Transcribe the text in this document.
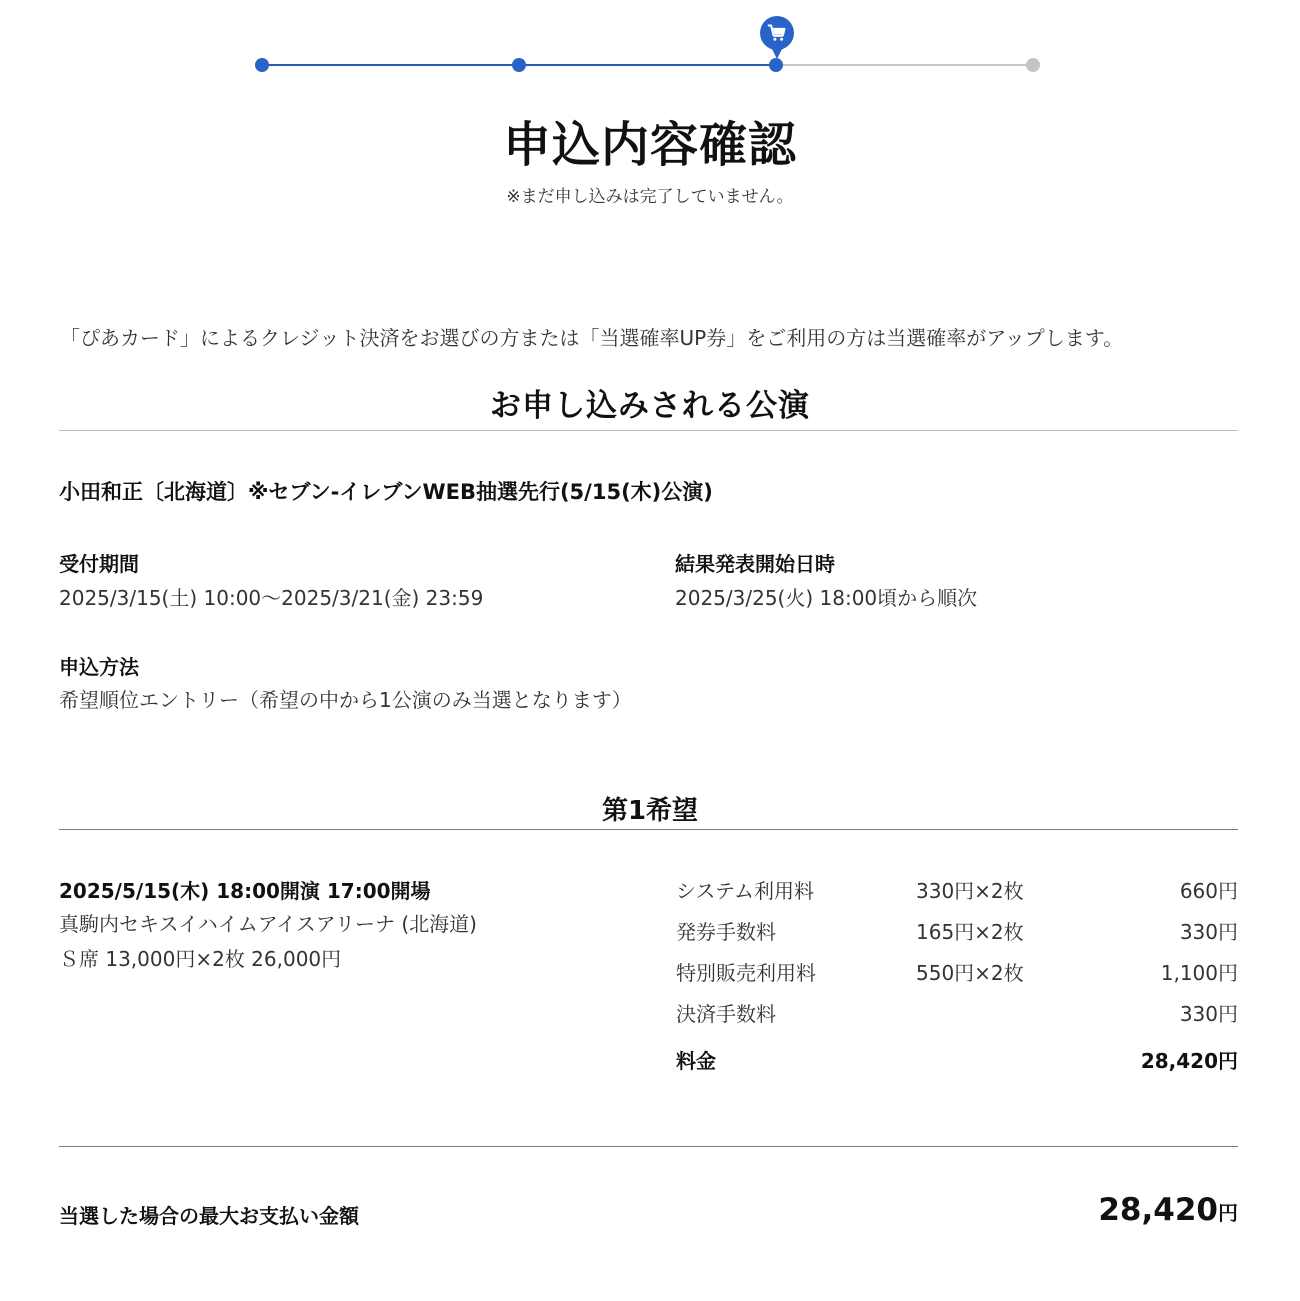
申込内容確認
※まだ申し込みは完了していません。
「ぴあカード」によるクレジット決済をお選びの方または「当選確率UP券」をご利用の方は当選確率がアップします。
お申し込みされる公演
小田和正〔北海道〕※セブン-イレブンWEB抽選先行(5/15(木)公演)
受付期間
2025/3/15(土) 10:00～2025/3/21(金) 23:59
結果発表開始日時
2025/3/25(火) 18:00頃から順次
申込方法
希望順位エントリー（希望の中から1公演のみ当選となります）
第1希望
2025/5/15(木) 18:00開演 17:00開場
真駒内セキスイハイムアイスアリーナ (北海道)
Ｓ席 13,000円×2枚 26,000円
システム利用料	330円×2枚	660円
発券手数料	165円×2枚	330円
特別販売利用料	550円×2枚	1,100円
決済手数料	330円
料金	28,420円
当選した場合の最大お支払い金額	28,420円
